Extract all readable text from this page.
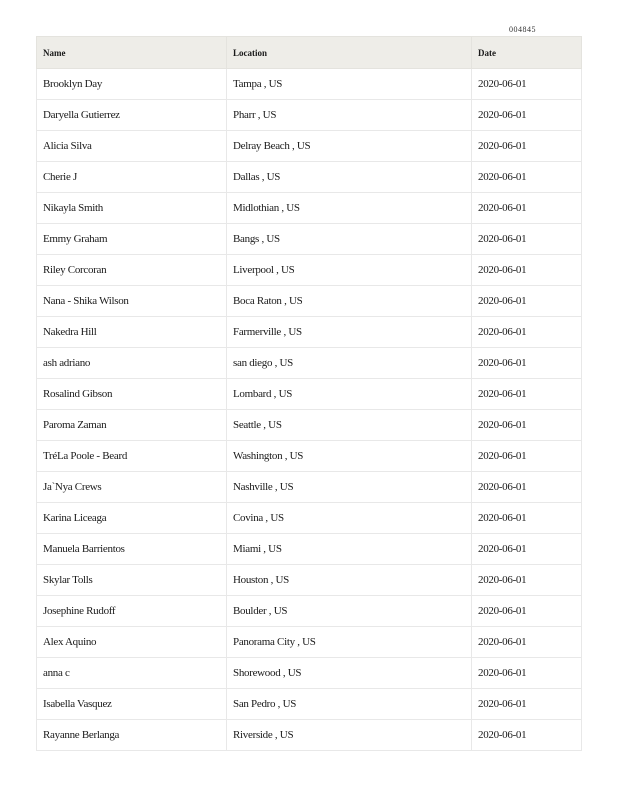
004845
Name	Location	Date
Brooklyn Day	Tampa , US	2020-06-01
Daryella Gutierrez	Pharr , US	2020-06-01
Alicia Silva	Delray Beach , US	2020-06-01
Cherie J	Dallas , US	2020-06-01
Nikayla Smith	Midlothian , US	2020-06-01
Emmy Graham	Bangs , US	2020-06-01
Riley Corcoran	Liverpool , US	2020-06-01
Nana - Shika Wilson	Boca Raton , US	2020-06-01
Nakedra Hill	Farmerville , US	2020-06-01
ash adriano	san diego , US	2020-06-01
Rosalind Gibson	Lombard , US	2020-06-01
Paroma Zaman	Seattle , US	2020-06-01
TréLa Poole - Beard	Washington , US	2020-06-01
Ja`Nya Crews	Nashville , US	2020-06-01
Karina Liceaga	Covina , US	2020-06-01
Manuela Barrientos	Miami , US	2020-06-01
Skylar Tolls	Houston , US	2020-06-01
Josephine Rudoff	Boulder , US	2020-06-01
Alex Aquino	Panorama City , US	2020-06-01
anna c	Shorewood , US	2020-06-01
Isabella Vasquez	San Pedro , US	2020-06-01
Rayanne Berlanga	Riverside , US	2020-06-01
